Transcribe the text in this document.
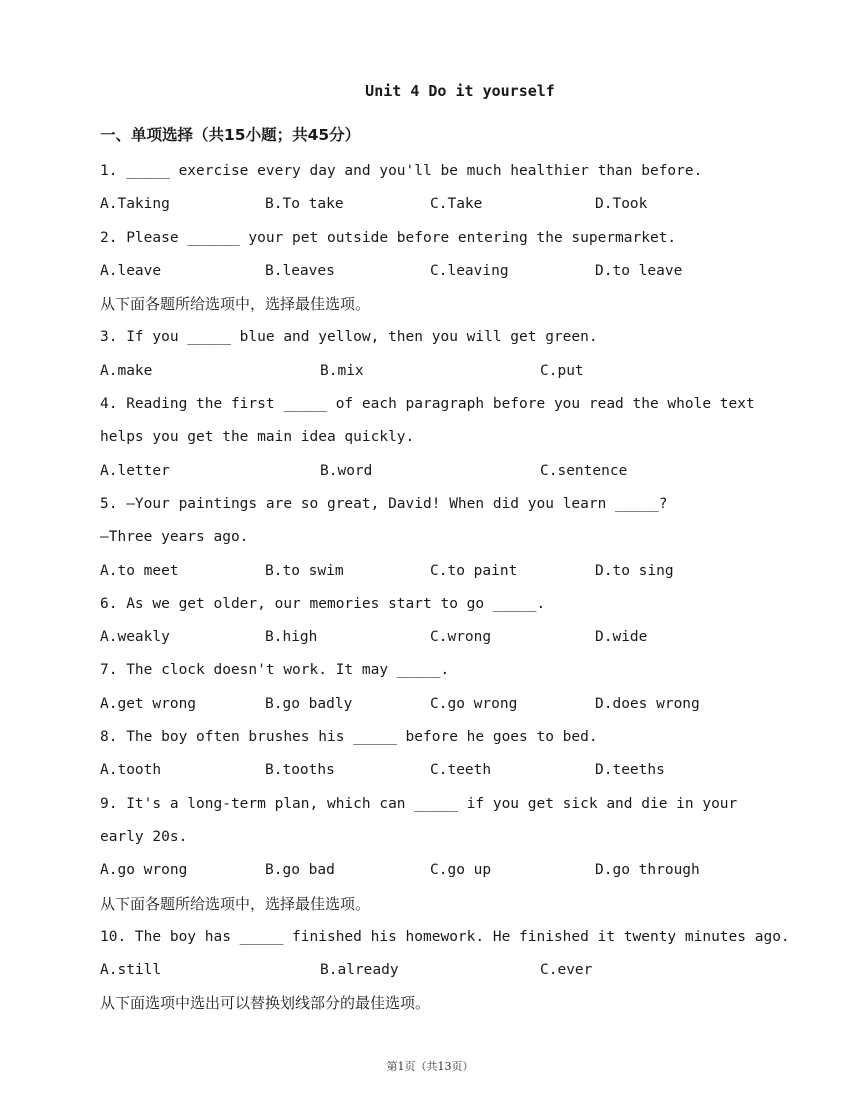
Unit 4 Do it yourself
一、单项选择（共15小题；共45分）
1. _____ exercise every day and you'll be much healthier than before.
A.Taking	B.To take	C.Take	D.Took
2. Please ______ your pet outside before entering the supermarket.
A.leave	B.leaves	C.leaving	D.to leave
从下面各题所给选项中，选择最佳选项。
3. If you _____ blue and yellow, then you will get green.
A.make	B.mix	C.put
4. Reading the first _____ of each paragraph before you read the whole text
helps you get the main idea quickly.
A.letter	B.word	C.sentence
5. —Your paintings are so great, David! When did you learn _____?
—Three years ago.
A.to meet	B.to swim	C.to paint	D.to sing
6. As we get older, our memories start to go _____.
A.weakly	B.high	C.wrong	D.wide
7. The clock doesn't work. It may _____.
A.get wrong	B.go badly	C.go wrong	D.does wrong
8. The boy often brushes his _____ before he goes to bed.
A.tooth	B.tooths	C.teeth	D.teeths
9. It's a long-term plan, which can _____ if you get sick and die in your
early 20s.
A.go wrong	B.go bad	C.go up	D.go through
从下面各题所给选项中，选择最佳选项。
10. The boy has _____ finished his homework. He finished it twenty minutes ago.
A.still	B.already	C.ever
从下面选项中选出可以替换划线部分的最佳选项。
第1页（共13页）
